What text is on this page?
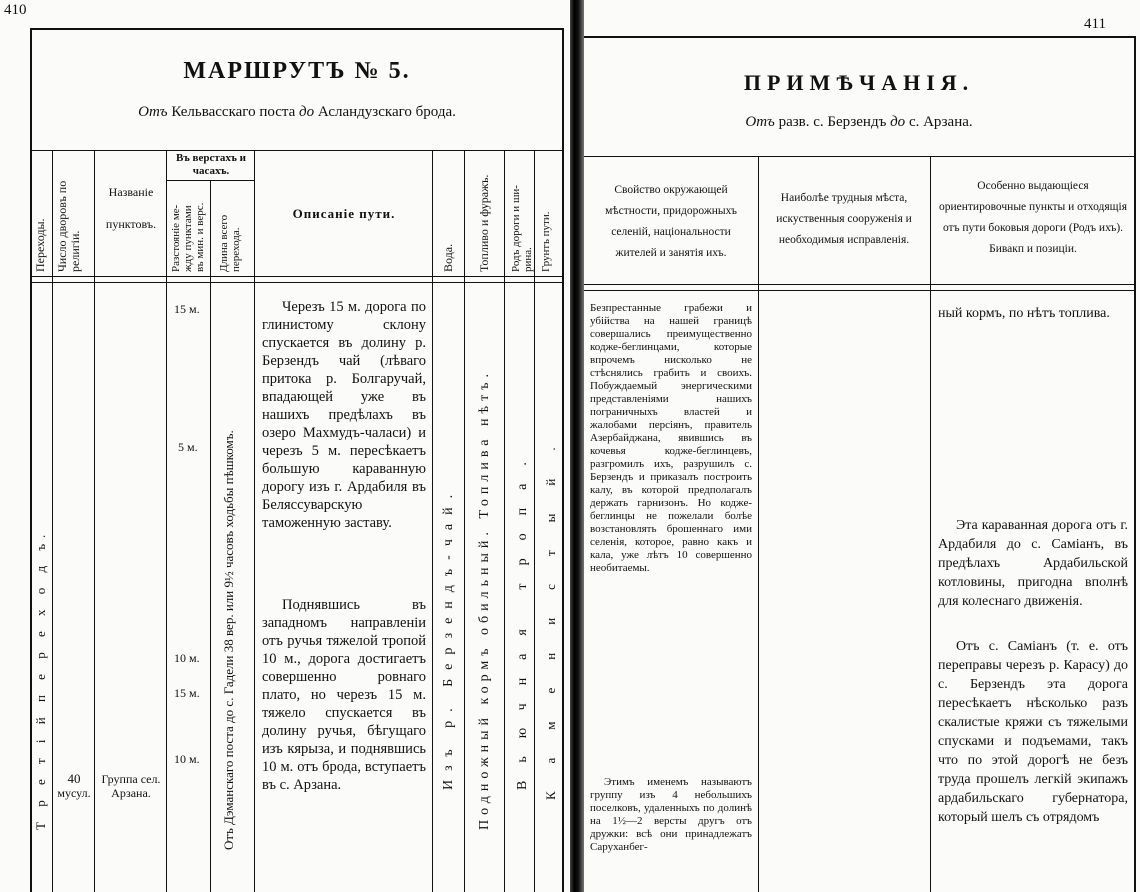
410
МАРШРУТЪ № 5.
Отъ Кельвасскаго поста до Асландузскаго брода.
Переходы. Число дворовъ по религіи.
Названіе
пунктовъ.
Въ верстахъ и
часахъ.
Разстояніе ме- жду пунктами въ мин. и верс. Длина всего перехода.
Описаніе пути.
Вода. Топливо и фуражъ. Родъ дороги и ши- рина. Грунтъ пути.
Т р е т і й п е р е х о д ъ.	Отъ Дэманскаго поста до с. Гадели 38 вер. или 9½ часовъ ходьбы пѣшкомъ.	Изъ р. Берзендъ-чай. Подножный кормъ обильный. Топлива нѣтъ. Вьючная тропа. Каменистый.
40
мусул.
Группа сел.
Арзана.
15 м.
5 м.
10 м.
15 м.
10 м.
Черезъ 15 м. дорога по глинистому склону спускается въ долину р. Берзендъ чай (лѣваго притока р. Болгаручай, впадающей уже въ нашихъ предѣлахъ въ озеро Махмудъ-чаласи) и черезъ 5 м. пересѣкаетъ большую караванную дорогу изъ г. Ардабиля въ Беляссуварскую таможенную заставу.
Поднявшись въ западномъ направленіи отъ ручья тяжелой тропой 10 м., дорога достигаетъ совершенно ровнаго плато, но черезъ 15 м. тяжело спускается въ долину ручья, бѣгущаго изъ кярыза, и поднявшись 10 м. отъ брода, вступаетъ въ с. Арзана.
411
ПРИМѢЧАНІЯ.
Отъ разв. с. Берзендъ до с. Арзана.
Свойство окружающей мѣстности, придорожныхъ селеній, національности жителей и занятія ихъ.
Наиболѣе трудныя мѣста, искуственныя сооруженія и необходимыя исправленія.
Особенно выдающіеся ориентировочные пункты и отходящія отъ пути боковыя дороги (Родъ ихъ). Бивакп и позиціи.
Безпрестанные грабежи и убійства на нашей границѣ совершались преимущественно кодже-беглинцами, которые впрочемъ нисколько не стѣснялись грабить и своихъ. Побуждаемый энергическими представленіями нашихъ пограничныхъ властей и жалобами персіянъ, правитель Азербайджана, явившись въ кочевья кодже-беглинцевъ, разгромилъ ихъ, разрушилъ с. Берзендъ и приказалъ построить калу, въ которой предполагалъ держать гарнизонъ. Но кодже-беглинцы не пожелали болѣе возстановлять брошеннаго ими селенія, которое, равно какъ и кала, уже лѣтъ 10 совершенно необитаемы.
Этимъ именемъ называютъ группу изъ 4 небольшихъ поселковъ, удаленныхъ по долинѣ на 1½—2 версты другъ отъ дружки: всѣ они принадлежатъ Саруханбег-
ный кормъ, по нѣтъ топлива.
Эта караванная дорога отъ г. Ардабиля до с. Саміанъ, въ предѣлахъ Ардабильской котловины, пригодна вполнѣ для колеснаго движенія.
Отъ с. Саміанъ (т. е. отъ переправы черезъ р. Карасу) до с. Берзендъ эта дорога пересѣкаетъ нѣсколько разъ скалистые кряжи съ тяжелыми спусками и подъемами, такъ что по этой дорогѣ не безъ труда прошелъ легкій экипажъ ардабильскаго губернатора, который шелъ съ отрядомъ
